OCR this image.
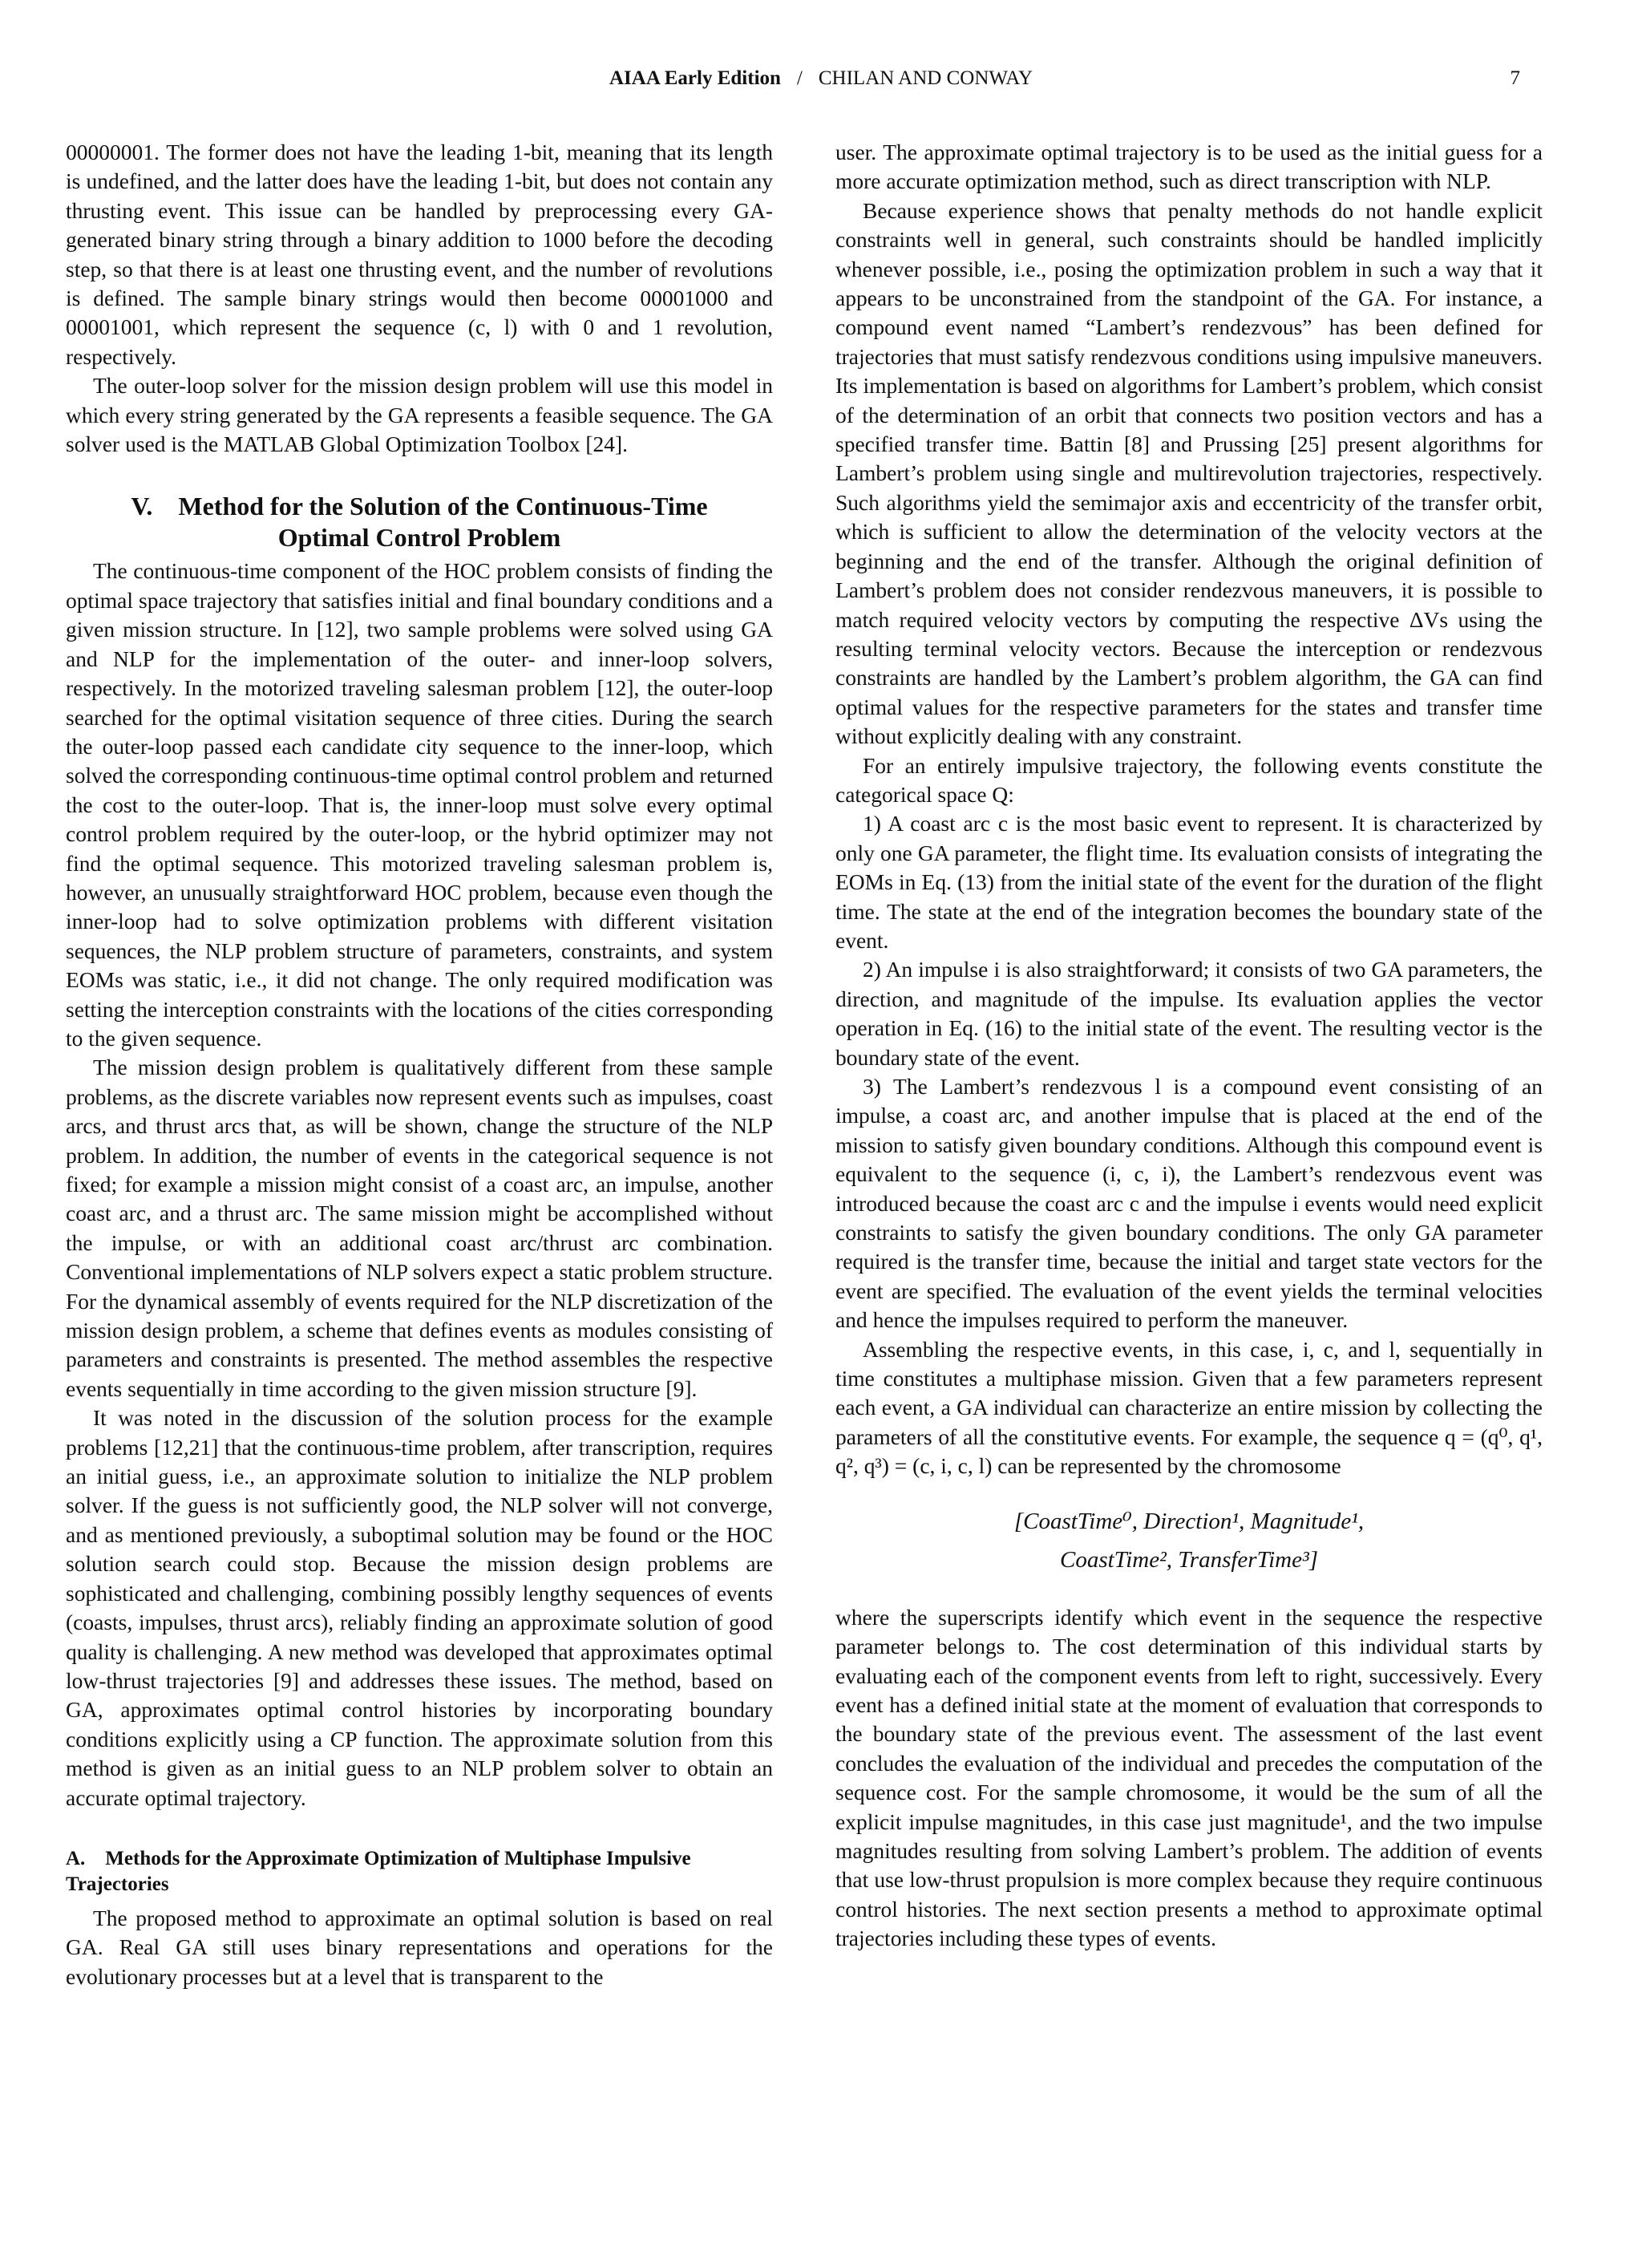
AIAA Early Edition / CHILAN AND CONWAY	7

00000001. The former does not have the leading 1-bit, meaning that its length is undefined, and the latter does have the leading 1-bit, but does not contain any thrusting event. This issue can be handled by preprocessing every GA-generated binary string through a binary addition to 1000 before the decoding step, so that there is at least one thrusting event, and the number of revolutions is defined. The sample binary strings would then become 00001000 and 00001001, which represent the sequence (c, l) with 0 and 1 revolution, respectively.

The outer-loop solver for the mission design problem will use this model in which every string generated by the GA represents a feasible sequence. The GA solver used is the MATLAB Global Optimization Toolbox [24].

V.    Method for the Solution of the Continuous-Time
Optimal Control Problem

The continuous-time component of the HOC problem consists of finding the optimal space trajectory that satisfies initial and final boundary conditions and a given mission structure. In [12], two sample problems were solved using GA and NLP for the implementation of the outer- and inner-loop solvers, respectively. In the motorized traveling salesman problem [12], the outer-loop searched for the optimal visitation sequence of three cities. During the search the outer-loop passed each candidate city sequence to the inner-loop, which solved the corresponding continuous-time optimal control problem and returned the cost to the outer-loop. That is, the inner-loop must solve every optimal control problem required by the outer-loop, or the hybrid optimizer may not find the optimal sequence. This motorized traveling salesman problem is, however, an unusually straightforward HOC problem, because even though the inner-loop had to solve optimization problems with different visitation sequences, the NLP problem structure of parameters, constraints, and system EOMs was static, i.e., it did not change. The only required modification was setting the interception constraints with the locations of the cities corresponding to the given sequence.

The mission design problem is qualitatively different from these sample problems, as the discrete variables now represent events such as impulses, coast arcs, and thrust arcs that, as will be shown, change the structure of the NLP problem. In addition, the number of events in the categorical sequence is not fixed; for example a mission might consist of a coast arc, an impulse, another coast arc, and a thrust arc. The same mission might be accomplished without the impulse, or with an additional coast arc/thrust arc combination. Conventional implementations of NLP solvers expect a static problem structure. For the dynamical assembly of events required for the NLP discretization of the mission design problem, a scheme that defines events as modules consisting of parameters and constraints is presented. The method assembles the respective events sequentially in time according to the given mission structure [9].

It was noted in the discussion of the solution process for the example problems [12,21] that the continuous-time problem, after transcription, requires an initial guess, i.e., an approximate solution to initialize the NLP problem solver. If the guess is not sufficiently good, the NLP solver will not converge, and as mentioned previously, a suboptimal solution may be found or the HOC solution search could stop. Because the mission design problems are sophisticated and challenging, combining possibly lengthy sequences of events (coasts, impulses, thrust arcs), reliably finding an approximate solution of good quality is challenging. A new method was developed that approximates optimal low-thrust trajectories [9] and addresses these issues. The method, based on GA, approximates optimal control histories by incorporating boundary conditions explicitly using a CP function. The approximate solution from this method is given as an initial guess to an NLP problem solver to obtain an accurate optimal trajectory.

A.    Methods for the Approximate Optimization of Multiphase Impulsive Trajectories

The proposed method to approximate an optimal solution is based on real GA. Real GA still uses binary representations and operations for the evolutionary processes but at a level that is transparent to the

user. The approximate optimal trajectory is to be used as the initial guess for a more accurate optimization method, such as direct transcription with NLP.

Because experience shows that penalty methods do not handle explicit constraints well in general, such constraints should be handled implicitly whenever possible, i.e., posing the optimization problem in such a way that it appears to be unconstrained from the standpoint of the GA. For instance, a compound event named “Lambert’s rendezvous” has been defined for trajectories that must satisfy rendezvous conditions using impulsive maneuvers. Its implementation is based on algorithms for Lambert’s problem, which consist of the determination of an orbit that connects two position vectors and has a specified transfer time. Battin [8] and Prussing [25] present algorithms for Lambert’s problem using single and multirevolution trajectories, respectively. Such algorithms yield the semimajor axis and eccentricity of the transfer orbit, which is sufficient to allow the determination of the velocity vectors at the beginning and the end of the transfer. Although the original definition of Lambert’s problem does not consider rendezvous maneuvers, it is possible to match required velocity vectors by computing the respective ΔVs using the resulting terminal velocity vectors. Because the interception or rendezvous constraints are handled by the Lambert’s problem algorithm, the GA can find optimal values for the respective parameters for the states and transfer time without explicitly dealing with any constraint.

For an entirely impulsive trajectory, the following events constitute the categorical space Q:

1) A coast arc c is the most basic event to represent. It is characterized by only one GA parameter, the flight time. Its evaluation consists of integrating the EOMs in Eq. (13) from the initial state of the event for the duration of the flight time. The state at the end of the integration becomes the boundary state of the event.

2) An impulse i is also straightforward; it consists of two GA parameters, the direction, and magnitude of the impulse. Its evaluation applies the vector operation in Eq. (16) to the initial state of the event. The resulting vector is the boundary state of the event.

3) The Lambert’s rendezvous l is a compound event consisting of an impulse, a coast arc, and another impulse that is placed at the end of the mission to satisfy given boundary conditions. Although this compound event is equivalent to the sequence (i, c, i), the Lambert’s rendezvous event was introduced because the coast arc c and the impulse i events would need explicit constraints to satisfy the given boundary conditions. The only GA parameter required is the transfer time, because the initial and target state vectors for the event are specified. The evaluation of the event yields the terminal velocities and hence the impulses required to perform the maneuver.

Assembling the respective events, in this case, i, c, and l, sequentially in time constitutes a multiphase mission. Given that a few parameters represent each event, a GA individual can characterize an entire mission by collecting the parameters of all the constitutive events. For example, the sequence q = (q⁰, q¹, q², q³) = (c, i, c, l) can be represented by the chromosome

[CoastTime⁰, Direction¹, Magnitude¹,
CoastTime², TransferTime³]

where the superscripts identify which event in the sequence the respective parameter belongs to. The cost determination of this individual starts by evaluating each of the component events from left to right, successively. Every event has a defined initial state at the moment of evaluation that corresponds to the boundary state of the previous event. The assessment of the last event concludes the evaluation of the individual and precedes the computation of the sequence cost. For the sample chromosome, it would be the sum of all the explicit impulse magnitudes, in this case just magnitude¹, and the two impulse magnitudes resulting from solving Lambert’s problem. The addition of events that use low-thrust propulsion is more complex because they require continuous control histories. The next section presents a method to approximate optimal trajectories including these types of events.
